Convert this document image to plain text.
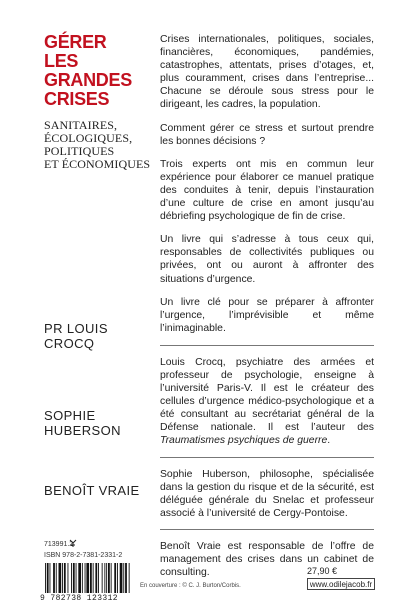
GÉRER
LES GRANDES
CRISES
SANITAIRES,
ÉCOLOGIQUES,
POLITIQUES
ET ÉCONOMIQUES

Crises internationales, politiques, sociales, financières, économiques, pandémies, catastrophes, attentats, prises d’otages, et, plus couramment, crises dans l’entreprise... Chacune se déroule sous stress pour le dirigeant, les cadres, la population.

Comment gérer ce stress et surtout prendre les bonnes décisions ?

Trois experts ont mis en commun leur expérience pour élaborer ce manuel pratique des conduites à tenir, depuis l’instauration d’une culture de crise en amont jusqu’au débriefing psychologique de fin de crise.

Un livre qui s’adresse à tous ceux qui, responsables de collectivités publiques ou privées, ont ou auront à affronter des situations d’urgence.

Un livre clé pour se préparer à affronter l’urgence, l’imprévisible et même l’inimaginable.

Louis Crocq, psychiatre des armées et professeur de psychologie, enseigne à l’université Paris-V. Il est le créateur des cellules d’urgence médico-psychologique et a été consultant au secrétariat général de la Défense nationale. Il est l’auteur des Traumatismes psychiques de guerre.

Sophie Huberson, philosophe, spécialisée dans la gestion du risque et de la sécurité, est déléguée générale du Snelac et professeur associé à l’université de Cergy-Pontoise.

Benoît Vraie est responsable de l’offre de management des crises dans un cabinet de consulting.

PR LOUIS CROCQ
SOPHIE
HUBERSON
BENOÎT VRAIE
713991.2
ISBN 978-2-7381-2331-2
9 782738 123312
En couverture : © C. J. Burton/Corbis.
27,90 €
www.odilejacob.fr
